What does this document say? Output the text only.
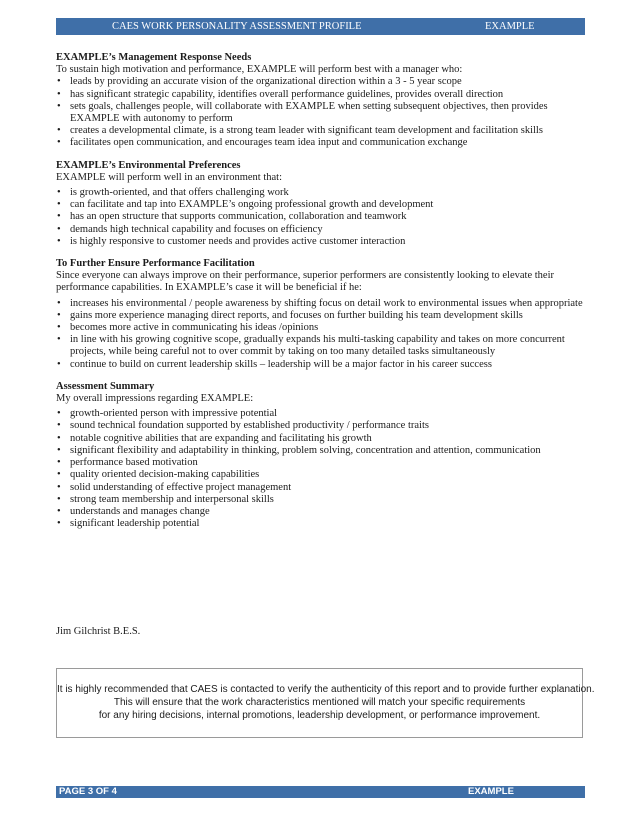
CAES WORK PERSONALITY ASSESSMENT PROFILE	EXAMPLE
EXAMPLE’s Management Response Needs

To sustain high motivation and performance, EXAMPLE will perform best with a manager who:

• leads by providing an accurate vision of the organizational direction within a 3 - 5 year scope
• has significant strategic capability, identifies overall performance guidelines, provides overall direction
• sets goals, challenges people, will collaborate with EXAMPLE when setting subsequent objectives, then provides EXAMPLE with autonomy to perform
• creates a developmental climate, is a strong team leader with significant team development and facilitation skills
• facilitates open communication, and encourages team idea input and communication exchange
EXAMPLE’s Environmental Preferences

EXAMPLE will perform well in an environment that:

• is growth-oriented, and that offers challenging work
• can facilitate and tap into EXAMPLE’s ongoing professional growth and development
• has an open structure that supports communication, collaboration and teamwork
• demands high technical capability and focuses on efficiency
• is highly responsive to customer needs and provides active customer interaction
To Further Ensure Performance Facilitation

Since everyone can always improve on their performance, superior performers are consistently looking to elevate their performance capabilities. In EXAMPLE’s case it will be beneficial if he:

• increases his environmental / people awareness by shifting focus on detail work to environmental issues when appropriate
• gains more experience managing direct reports, and focuses on further building his team development skills
• becomes more active in communicating his ideas /opinions
• in line with his growing cognitive scope, gradually expands his multi-tasking capability and takes on more concurrent projects, while being careful not to over commit by taking on too many detailed tasks simultaneously
• continue to build on current leadership skills – leadership will be a major factor in his career success
Assessment Summary

My overall impressions regarding EXAMPLE:

• growth-oriented person with impressive potential
• sound technical foundation supported by established productivity / performance traits
• notable cognitive abilities that are expanding and facilitating his growth
• significant flexibility and adaptability in thinking, problem solving, concentration and attention, communication
• performance based motivation
• quality oriented decision-making capabilities
• solid understanding of effective project management
• strong team membership and interpersonal skills
• understands and manages change
• significant leadership potential
Jim Gilchrist B.E.S.
It is highly recommended that CAES is contacted to verify the authenticity of this report and to provide further explanation.
This will ensure that the work characteristics mentioned will match your specific requirements
for any hiring decisions, internal promotions, leadership development, or performance improvement.
PAGE 3 OF 4	EXAMPLE
